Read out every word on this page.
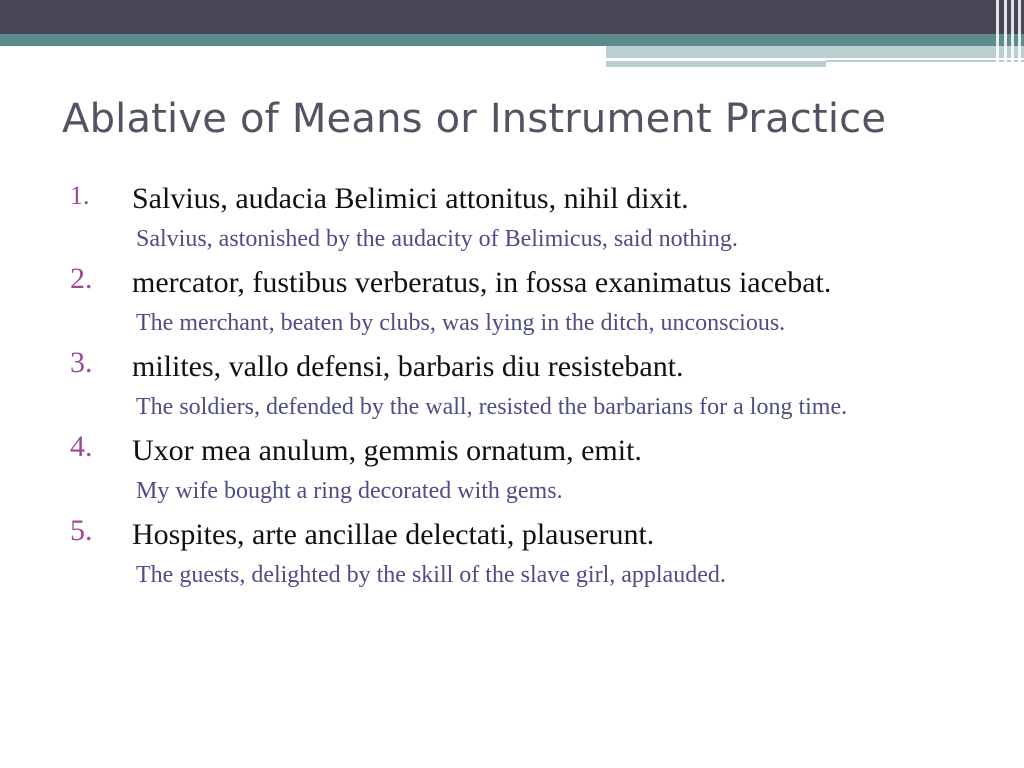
Ablative of Means or Instrument Practice
1.	Salvius, audacia Belimici attonitus, nihil dixit.
Salvius, astonished by the audacity of Belimicus, said nothing.
2.	mercator, fustibus verberatus, in fossa exanimatus iacebat.
The merchant, beaten by clubs, was lying in the ditch, unconscious.
3.	milites, vallo defensi, barbaris diu resistebant.
The soldiers, defended by the wall, resisted the barbarians for a long time.
4.	Uxor mea anulum, gemmis ornatum, emit.
My wife bought a ring decorated with gems.
5.	Hospites, arte ancillae delectati, plauserunt.
The guests, delighted by the skill of the slave girl, applauded.
